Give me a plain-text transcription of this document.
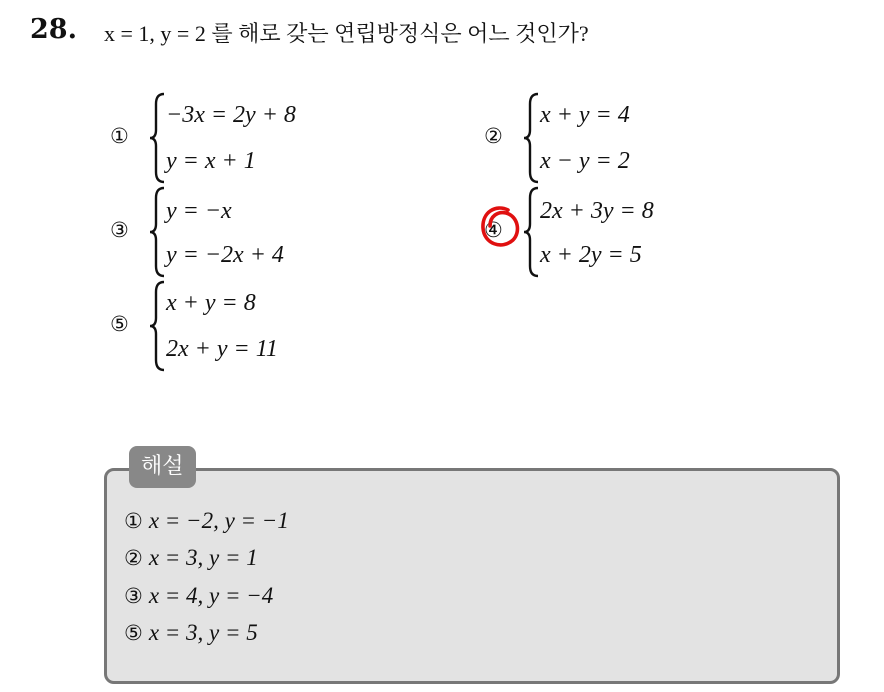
28. x = 1, y = 2 를 해로 갖는 연립방정식은 어느 것인가?
①
−3x = 2y + 8
y = x + 1
②
x + y = 4
x − y = 2
③
y = −x
y = −2x + 4
④
2x + 3y = 8
x + 2y = 5
⑤
x + y = 8
2x + y = 11
해설
① x = −2, y = −1
② x = 3, y = 1
③ x = 4, y = −4
⑤ x = 3, y = 5
